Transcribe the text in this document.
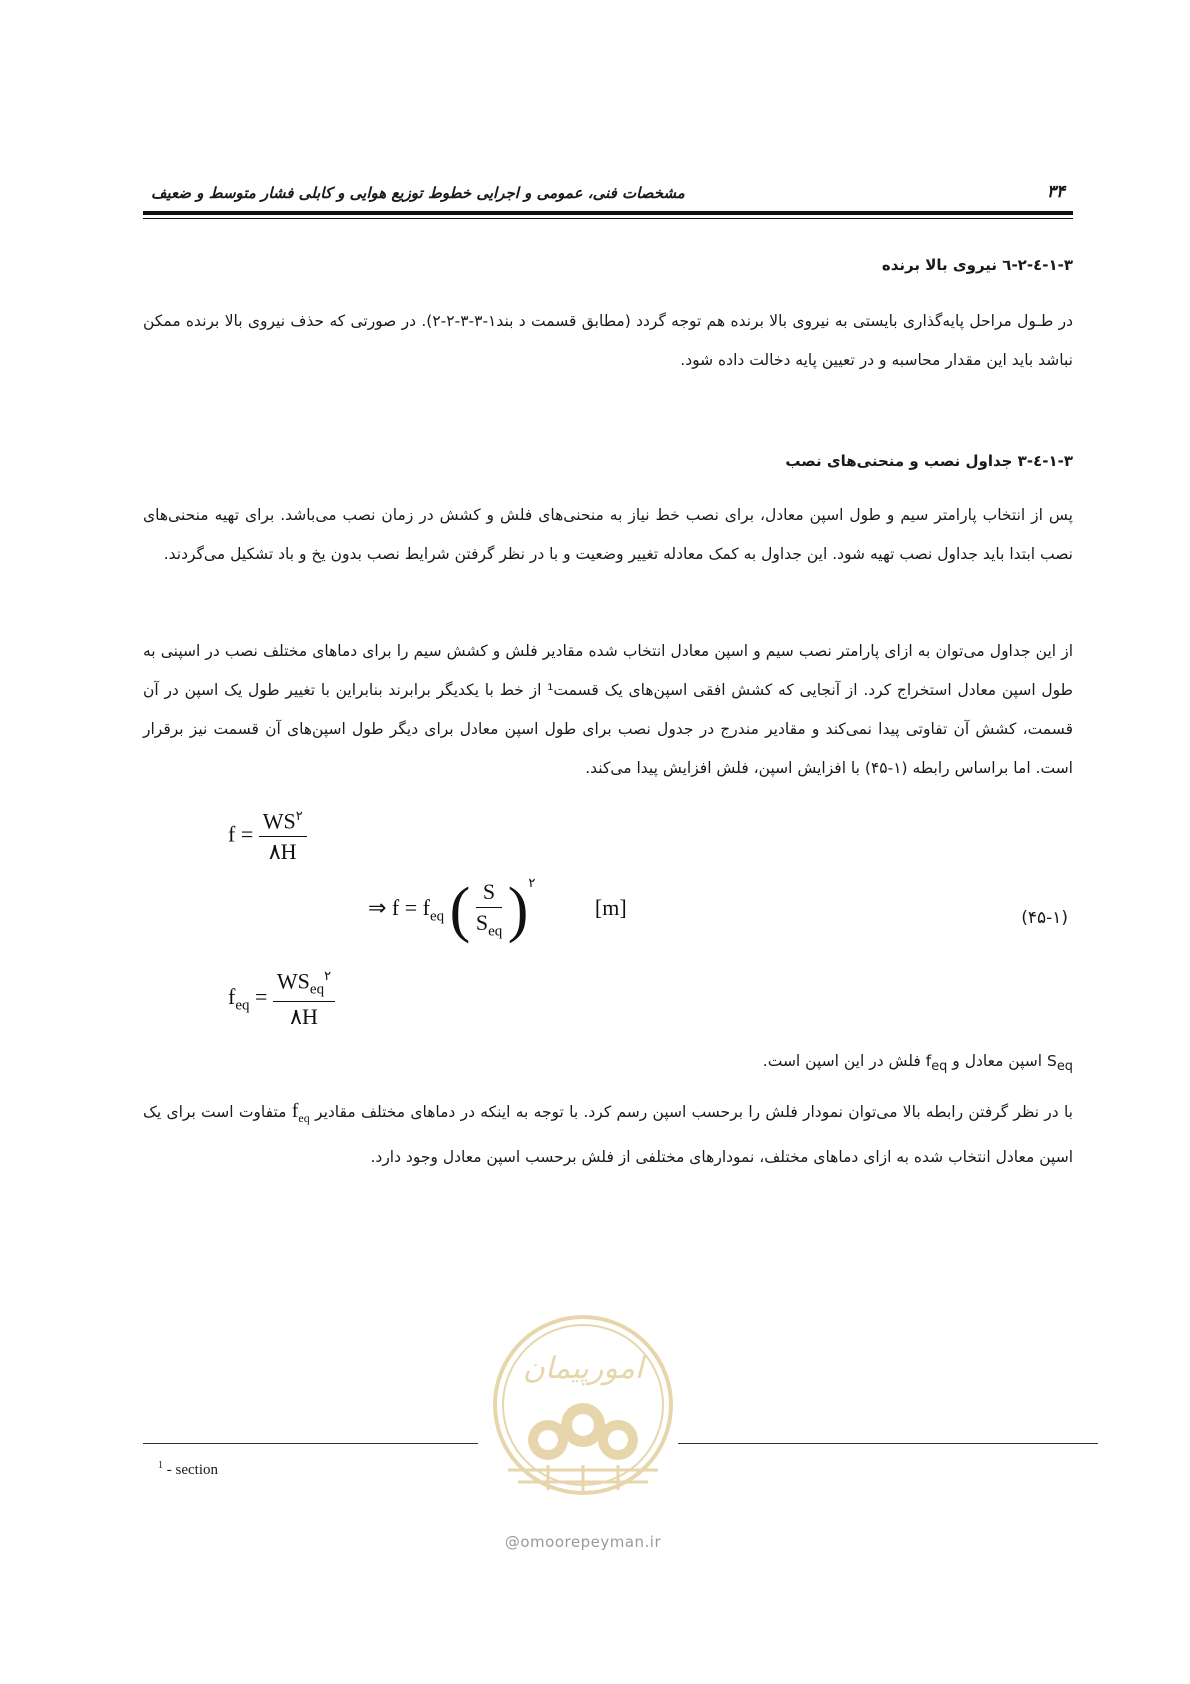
مشخصات فنی، عمومی و اجرایی خطوط توزیع هوایی و کابلی فشار متوسط و ضعیف	۳۴
۱-۳-٤-۲-٦ نیروی بالا برنده
در طـول مراحل پایه‌گذاری بایستی به نیروی بالا برنده هم توجه گردد (مطابق قسمت د بند۱-۳-۳-۲-۲). در صورتی که حذف نیروی بالا برنده ممکن نباشد باید این مقدار محاسبه و در تعیین پایه دخالت داده شود.
۱-۳-٤-۳ جداول نصب و منحنی‌های نصب
پس از انتخاب پارامتر سیم و طول اسپن معادل، برای نصب خط نیاز به منحنی‌های فلش و کشش در زمان نصب می‌باشد. برای تهیه منحنی‌های نصب ابتدا باید جداول نصب تهیه شود. این جداول به کمک معادله تغییر وضعیت و با در نظر گرفتن شرایط نصب بدون یخ و باد تشکیل می‌گردند.
از این جداول می‌توان به ازای پارامتر نصب سیم و اسپن معادل انتخاب شده مقادیر فلش و کشش سیم را برای دماهای مختلف نصب در اسپنی به طول اسپن معادل استخراج کرد. از آنجایی که کشش افقی اسپن‌های یک قسمت¹ از خط با یکدیگر برابرند بنابراین با تغییر طول یک اسپن در آن قسمت، کشش آن تفاوتی پیدا نمی‌کند و مقادیر مندرج در جدول نصب برای طول اسپن معادل برای دیگر طول اسپن‌های آن قسمت نیز برقرار است. اما براساس رابطه (۱-۴۵) با افزایش اسپن، فلش افزایش پیدا می‌کند.
$f = \frac{WS^۲}{۸H}$
⇒ $f = f_{eq}$ ( $\frac{S}{S_{eq}} )^۲$ [m]	(۴۵-۱)
$f_{eq} = \frac{WS_{eq}^۲}{۸H}$
$S_{eq}$ اسپن معادل و $f_{eq}$ فلش در این اسپن است.
با در نظر گرفتن رابطه بالا می‌توان نمودار فلش را برحسب اسپن رسم کرد. با توجه به اینکه در دماهای مختلف مقادیر $f_{eq}$ متفاوت است برای یک اسپن معادل انتخاب شده به ازای دماهای مختلف، نمودارهای مختلفی از فلش برحسب اسپن معادل وجود دارد.
امورپیمان
@omoorepeyman.ir
$^1$ - section
